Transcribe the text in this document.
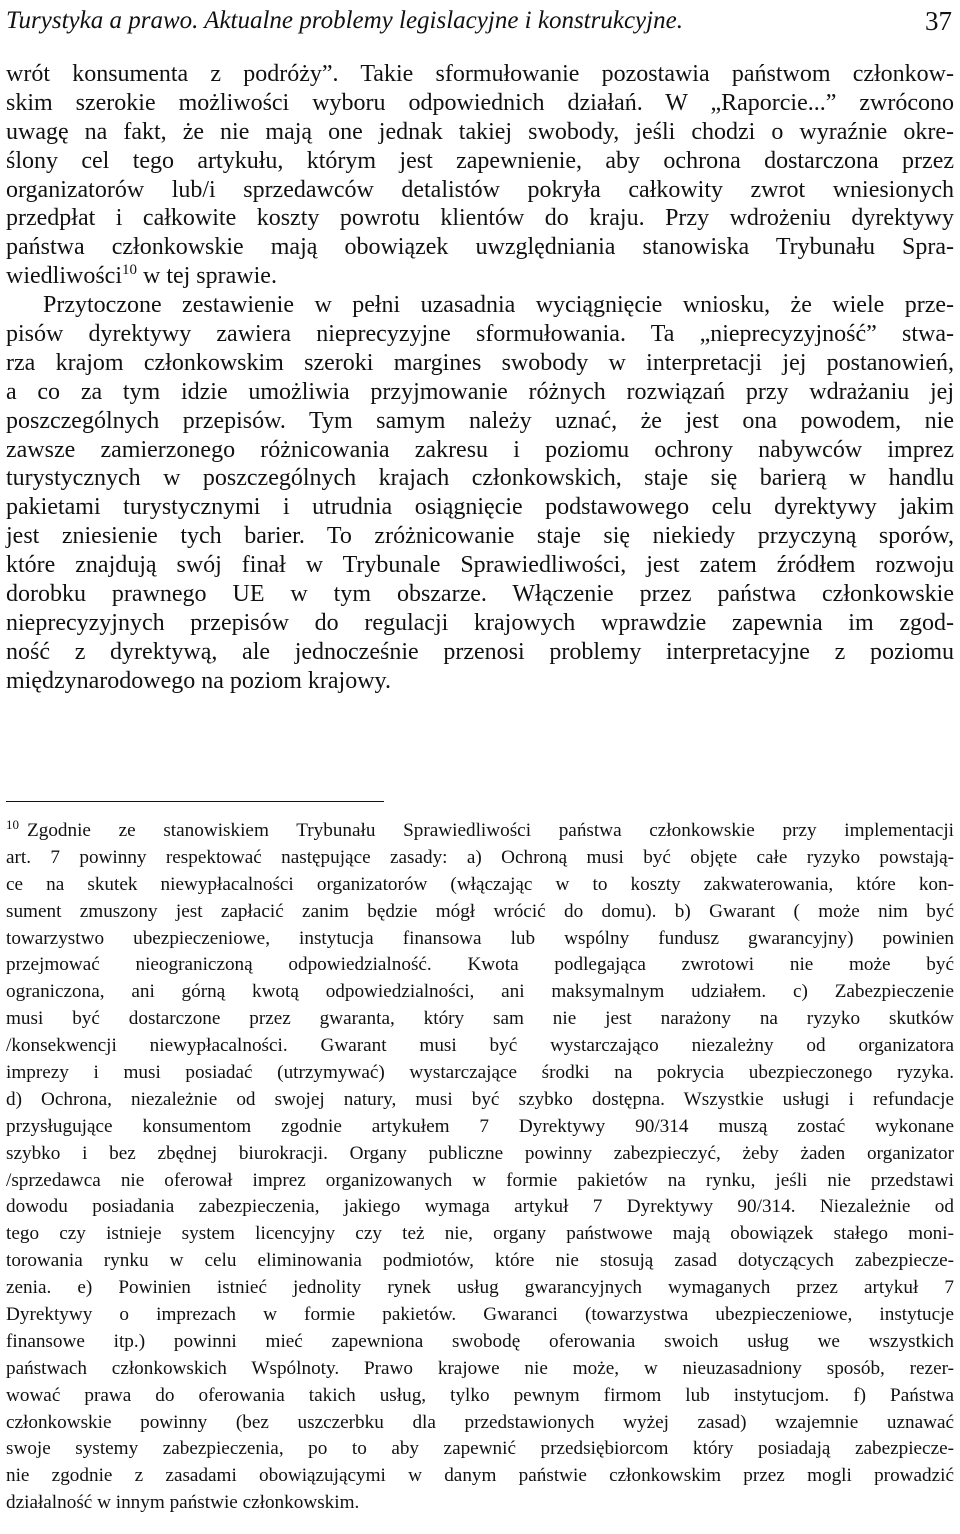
Turystyka a prawo. Aktualne problemy legislacyjne i konstrukcyjne.	37
wrót konsumenta z podróży”. Takie sformułowanie pozostawia państwom członkow-
skim szerokie możliwości wyboru odpowiednich działań. W „Raporcie...” zwrócono
uwagę na fakt, że nie mają one jednak takiej swobody, jeśli chodzi o wyraźnie okre-
ślony cel tego artykułu, którym jest zapewnienie, aby ochrona dostarczona przez
organizatorów lub/i sprzedawców detalistów pokryła całkowity zwrot wniesionych
przedpłat i całkowite koszty powrotu klientów do kraju. Przy wdrożeniu dyrektywy
państwa członkowskie mają obowiązek uwzględniania stanowiska Trybunału Spra-
wiedliwości$^{10}$ w tej sprawie.
Przytoczone zestawienie w pełni uzasadnia wyciągnięcie wniosku, że wiele prze-
pisów dyrektywy zawiera nieprecyzyjne sformułowania. Ta „nieprecyzyjność” stwa-
rza krajom członkowskim szeroki margines swobody w interpretacji jej postanowień,
a co za tym idzie umożliwia przyjmowanie różnych rozwiązań przy wdrażaniu jej
poszczególnych przepisów. Tym samym należy uznać, że jest ona powodem, nie
zawsze zamierzonego różnicowania zakresu i poziomu ochrony nabywców imprez
turystycznych w poszczególnych krajach członkowskich, staje się barierą w handlu
pakietami turystycznymi i utrudnia osiągnięcie podstawowego celu dyrektywy jakim
jest zniesienie tych barier. To zróżnicowanie staje się niekiedy przyczyną sporów,
które znajdują swój finał w Trybunale Sprawiedliwości, jest zatem źródłem rozwoju
dorobku prawnego UE w tym obszarze. Włączenie przez państwa członkowskie
nieprecyzyjnych przepisów do regulacji krajowych wprawdzie zapewnia im zgod-
ność z dyrektywą, ale jednocześnie przenosi problemy interpretacyjne z poziomu
międzynarodowego na poziom krajowy.
$^{10}$ Zgodnie ze stanowiskiem Trybunału Sprawiedliwości państwa członkowskie przy implementacji
art. 7 powinny respektować następujące zasady: a) Ochroną musi być objęte całe ryzyko powstają-
ce na skutek niewypłacalności organizatorów (włączając w to koszty zakwaterowania, które kon-
sument zmuszony jest zapłacić zanim będzie mógł wrócić do domu). b) Gwarant ( może nim być
towarzystwo ubezpieczeniowe, instytucja finansowa lub wspólny fundusz gwarancyjny) powinien
przejmować nieograniczoną odpowiedzialność. Kwota podlegająca zwrotowi nie może być
ograniczona, ani górną kwotą odpowiedzialności, ani maksymalnym udziałem. c) Zabezpieczenie
musi być dostarczone przez gwaranta, który sam nie jest narażony na ryzyko skutków
/konsekwencji niewypłacalności. Gwarant musi być wystarczająco niezależny od organizatora
imprezy i musi posiadać (utrzymywać) wystarczające środki na pokrycia ubezpieczonego ryzyka.
d) Ochrona, niezależnie od swojej natury, musi być szybko dostępna. Wszystkie usługi i refundacje
przysługujące konsumentom zgodnie artykułem 7 Dyrektywy 90/314 muszą zostać wykonane
szybko i bez zbędnej biurokracji. Organy publiczne powinny zabezpieczyć, żeby żaden organizator
/sprzedawca nie oferował imprez organizowanych w formie pakietów na rynku, jeśli nie przedstawi
dowodu posiadania zabezpieczenia, jakiego wymaga artykuł 7 Dyrektywy 90/314. Niezależnie od
tego czy istnieje system licencyjny czy też nie, organy państwowe mają obowiązek stałego moni-
torowania rynku w celu eliminowania podmiotów, które nie stosują zasad dotyczących zabezpiecze-
zenia. e) Powinien istnieć jednolity rynek usług gwarancyjnych wymaganych przez artykuł 7
Dyrektywy o imprezach w formie pakietów. Gwaranci (towarzystwa ubezpieczeniowe, instytucje
finansowe itp.) powinni mieć zapewniona swobodę oferowania swoich usług we wszystkich
państwach członkowskich Wspólnoty. Prawo krajowe nie może, w nieuzasadniony sposób, rezer-
wować prawa do oferowania takich usług, tylko pewnym firmom lub instytucjom. f) Państwa
członkowskie powinny (bez uszczerbku dla przedstawionych wyżej zasad) wzajemnie uznawać
swoje systemy zabezpieczenia, po to aby zapewnić przedsiębiorcom który posiadają zabezpiecze-
nie zgodnie z zasadami obowiązującymi w danym państwie członkowskim przez mogli prowadzić
działalność w innym państwie członkowskim.
